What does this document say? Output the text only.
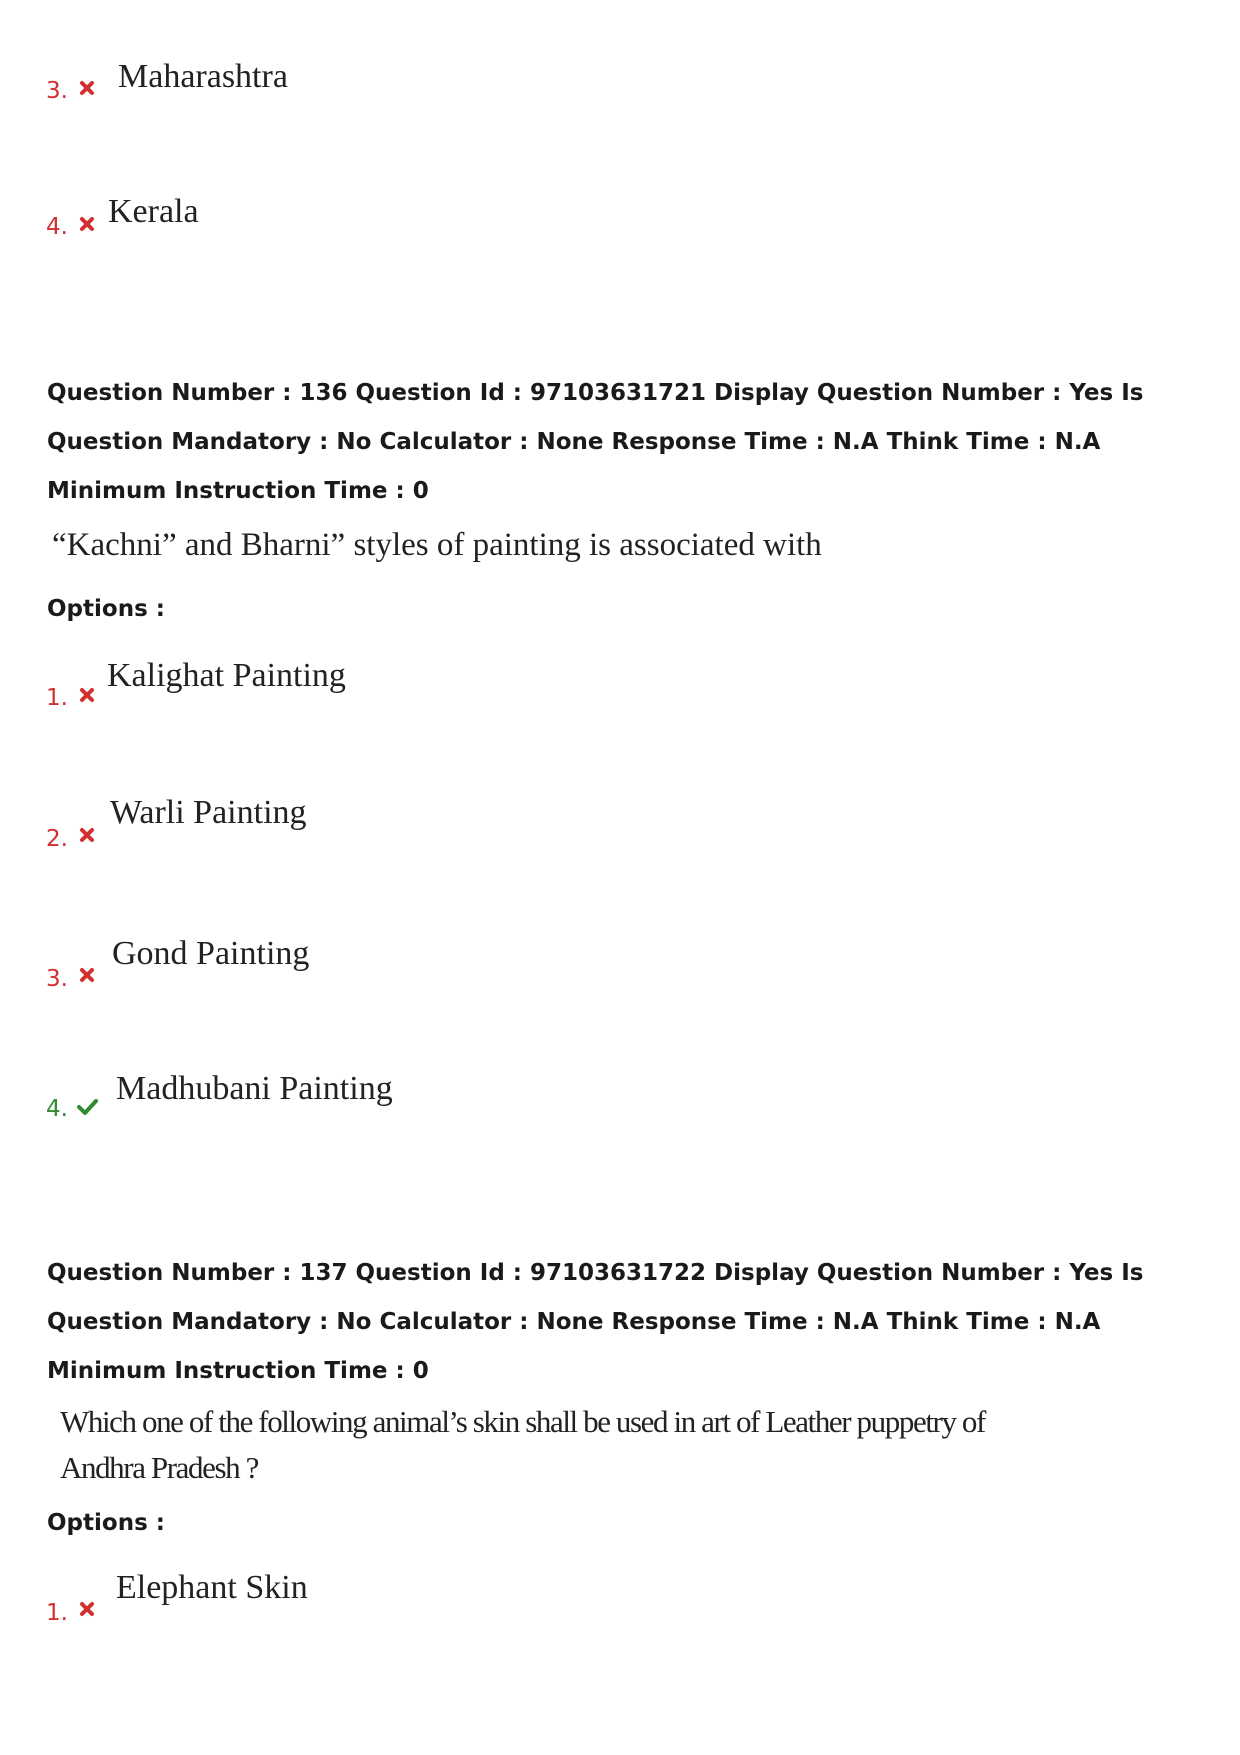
3. Maharashtra
4. Kerala
Question Number : 136 Question Id : 97103631721 Display Question Number : Yes Is Question Mandatory : No Calculator : None Response Time : N.A Think Time : N.A Minimum Instruction Time : 0
“Kachni” and Bharni” styles of painting is associated with
Options :
1.
Kalighat Painting
2.
Warli Painting
3.
Gond Painting
4.
Madhubani Painting
Question Number : 137 Question Id : 97103631722 Display Question Number : Yes Is Question Mandatory : No Calculator : None Response Time : N.A Think Time : N.A Minimum Instruction Time : 0
Which one of the following animal’s skin shall be used in art of Leather puppetry of
Andhra Pradesh ?
Options :
1.
Elephant Skin
